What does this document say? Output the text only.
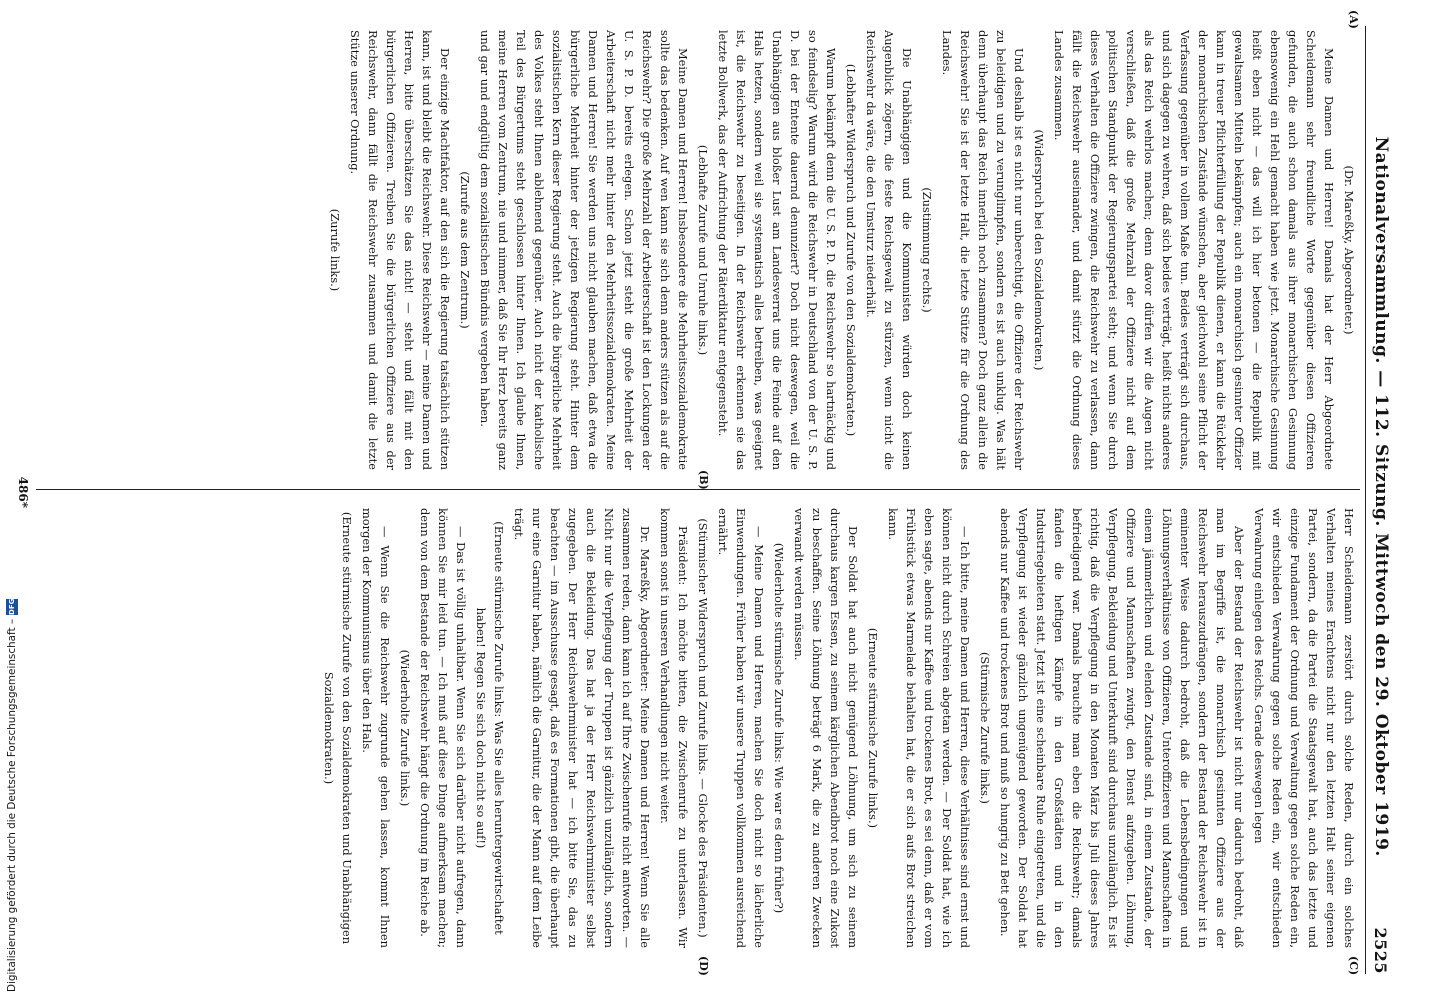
Nationalversammlung. — 112. Sitzung. Mittwoch den 29. Oktober 1919.
2525
(A)
(B)
(C)
(D)

(Dr. Mareßky, Abgeordneter.)

Meine Damen und Herren! Damals hat der Herr Abgeordnete Scheidemann sehr freundliche Worte gegenüber diesen Offizieren gefunden, die auch schon damals aus ihrer monarchischen Gesinnung ebensowenig ein Hehl gemacht haben wie jetzt. Monarchische Gesinnung heißt eben nicht — das will ich hier betonen — die Republik mit gewaltsamen Mitteln bekämpfen; auch ein monarchisch gesinnter Offizier kann in treuer Pflichterfüllung der Republik dienen, er kann die Rückkehr der monarchischen Zustände wünschen, aber gleichwohl seine Pflicht der Verfassung gegenüber in vollem Maße tun. Beides verträgt sich durchaus, und sich dagegen zu wehren, daß sich beides verträgt, heißt nichts anderes als das Reich wehrlos machen; denn davor dürfen wir die Augen nicht verschließen, daß die große Mehrzahl der Offiziere nicht auf dem politischen Standpunkt der Regierungspartei steht; und wenn Sie durch dieses Verhalten die Offiziere zwingen, die Reichswehr zu verlassen, dann fällt die Reichswehr auseinander, und damit stürzt die Ordnung dieses Landes zusammen.

(Widerspruch bei den Sozialdemokraten.)

Und deshalb ist es nicht nur unberechtigt, die Offiziere der Reichswehr zu beleidigen und zu verunglimpfen, sondern es ist auch unklug. Was hält denn überhaupt das Reich innerlich noch zusammen? Doch ganz allein die Reichswehr! Sie ist der letzte Halt, die letzte Stütze für die Ordnung des Landes.

(Zustimmung rechts.)

Die Unabhängigen und die Kommunisten würden doch keinen Augenblick zögern, die feste Reichsgewalt zu stürzen, wenn nicht die Reichswehr da wäre, die den Umsturz niederhält.

(Lebhafter Widerspruch und Zurufe von den Sozialdemokraten.)

Warum bekämpft denn die U. S. P. D. die Reichswehr so hartnäckig und so feindselig? Warum wird die Reichswehr in Deutschland von der U. S. P. D. bei der Entente dauernd denunziert? Doch nicht deswegen, weil die Unabhängigen aus bloßer Lust am Landesverrat uns die Feinde auf den Hals hetzen, sondern weil sie systematisch alles betreiben, was geeignet ist, die Reichswehr zu beseitigen. In der Reichswehr erkennen sie das letzte Bollwerk, das der Aufrichtung der Räterdiktatur entgegensteht.

(Lebhafte Zurufe und Unruhe links.)

Meine Damen und Herren! Insbesondere die Mehrheitssozialdemokratie sollte das bedenken. Auf wen kann sie sich denn anders stützen als auf die Reichswehr? Die große Mehrzahl der Arbeiterschaft ist den Lockungen der U. S. P. D. bereits erlegen. Schon jetzt steht die große Mehrheit der Arbeiterschaft nicht mehr hinter den Mehrheitssozialdemokraten. Meine Damen und Herren! Sie werden uns nicht glauben machen, daß etwa die bürgerliche Mehrheit hinter der jetzigen Regierung steht. Hinter dem sozialistischen Kern dieser Regierung steht. Auch die bürgerliche Mehrheit des Volkes steht Ihnen ablehnend gegenüber. Auch nicht der katholische Teil des Bürgertums steht geschlossen hinter Ihnen. Ich glaube Ihnen, meine Herren vom Zentrum, nie und nimmer, daß Sie Ihr Herz bereits ganz und gar und endgültig dem sozialistischen Bündnis vergeben haben.

(Zurufe aus dem Zentrum.)

Der einzige Machtfaktor, auf den sich die Regierung tatsächlich stützen kann, ist und bleibt die Reichswehr. Diese Reichswehr — meine Damen und Herren, bitte überschätzen Sie das nicht! — steht und fällt mit den bürgerlichen Offizieren. Treiben Sie die bürgerlichen Offiziere aus der Reichswehr, dann fällt die Reichswehr zusammen und damit die letzte Stütze unserer Ordnung.

(Zurufe links.)

Herr Scheidemann zerstört durch solche Reden, durch ein solches Verhalten meines Erachtens nicht nur den letzten Halt seiner eigenen Partei, sondern, da die Partei die Staatsgewalt hat, auch das letzte und einzige Fundament der Ordnung und Verwaltung gegen solche Reden ein, wir entschieden Verwahrung gegen solche Reden ein, wir entschieden Verwahrung einlegen des Reichs. Gerade deswegen legen

Aber der Bestand der Reichswehr ist nicht nur dadurch bedroht, daß man im Begriffe ist, die monarchisch gesinnten Offiziere aus der Reichswehr herauszudrängen, sondern der Bestand der Reichswehr ist in eminenter Weise dadurch bedroht, daß die Lebensbedingungen und Löhnungsverhältnisse von Offizieren, Unteroffizieren und Mannschaften in einem jämmerlichen und elenden Zustande sind, in einem Zustande, der Offiziere und Mannschaften zwingt, den Dienst aufzugeben. Löhnung, Verpflegung, Bekleidung und Unterkunft sind durchaus unzulänglich. Es ist richtig, daß die Verpflegung in den Monaten März bis Juli dieses Jahres befriedigend war. Damals brauchte man eben die Reichswehr; damals fanden die heftigen Kämpfe in den Großstädten und in den Industriegebieten statt. Jetzt ist eine scheinbare Ruhe eingetreten, und die Verpflegung ist wieder gänzlich ungenügend geworden. Der Soldat hat abends nur Kaffee und trockenes Brot und muß so hungrig zu Bett gehen.

(Stürmische Zurufe links.)

— Ich bitte, meine Damen und Herren, diese Verhältnisse sind ernst und können nicht durch Schreien abgetan werden. — Der Soldat hat, wie ich eben sagte, abends nur Kaffee und trockenes Brot, es sei denn, daß er vom Frühstück etwas Marmelade behalten hat, die er sich aufs Brot streichen kann.

(Erneute stürmische Zurufe links.)

Der Soldat hat auch nicht genügend Löhnung, um sich zu seinem durchaus kargen Essen, zu seinem kärglichen Abendbrot noch eine Zukost zu beschaffen. Seine Löhnung beträgt 6 Mark, die zu anderen Zwecken verwandt werden müssen.

(Wiederholte stürmische Zurufe links: Wie war es denn früher?)

— Meine Damen und Herren, machen Sie doch nicht so lächerliche Einwendungen. Früher haben wir unsere Truppen vollkommen ausreichend ernährt.

(Stürmischer Widerspruch und Zurufe links. — Glocke des Präsidenten.)

Präsident: Ich möchte bitten, die Zwischenrufe zu unterlassen. Wir kommen sonst in unseren Verhandlungen nicht weiter.

Dr. Mareßky, Abgeordneter: Meine Damen und Herren! Wenn Sie alle zusammen reden, dann kann ich auf Ihre Zwischenrufe nicht antworten. — Nicht nur die Verpflegung der Truppen ist gänzlich unzulänglich, sondern auch die Bekleidung. Das hat ja der Herr Reichswehrminister selbst zugegeben. Der Herr Reichswehrminister hat — ich bitte Sie, das zu beachten — im Ausschusse gesagt, daß es Formationen gibt, die überhaupt nur eine Garnitur haben, nämlich die Garnitur, die der Mann auf dem Leibe trägt.

(Erneute stürmische Zurufe links: Was Sie alles heruntergewirtschaftet haben! Regen Sie sich doch nicht so auf!)

— Das ist völlig unhaltbar. Wenn Sie sich darüber nicht aufregen, dann können Sie mir leid tun. — Ich muß auf diese Dinge aufmerksam machen; denn von dem Bestande der Reichswehr hängt die Ordnung im Reiche ab.

(Wiederholte Zurufe links.)

— Wenn Sie die Reichswehr zugrunde gehen lassen, kommt Ihnen morgen der Kommunismus über den Hals.

(Erneute stürmische Zurufe von den Sozialdemokraten und Unabhängigen Sozialdemokraten.)

486*
Digitalisierung gefördert durch die Deutsche Forschungsgemeinschaft –
DFG
